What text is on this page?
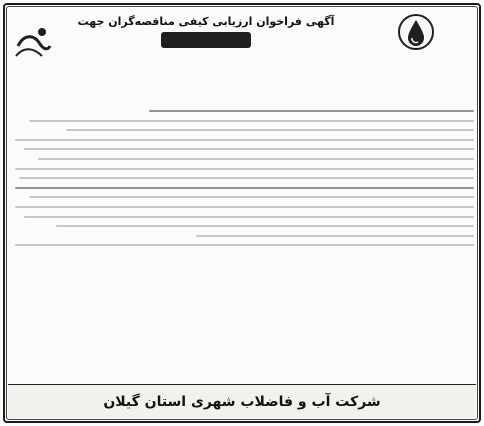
آگهی فراخوان ارزیابی کیفی مناقصه‌گران جهت
شرکت آب و فاضلاب شهری استان گیلان
